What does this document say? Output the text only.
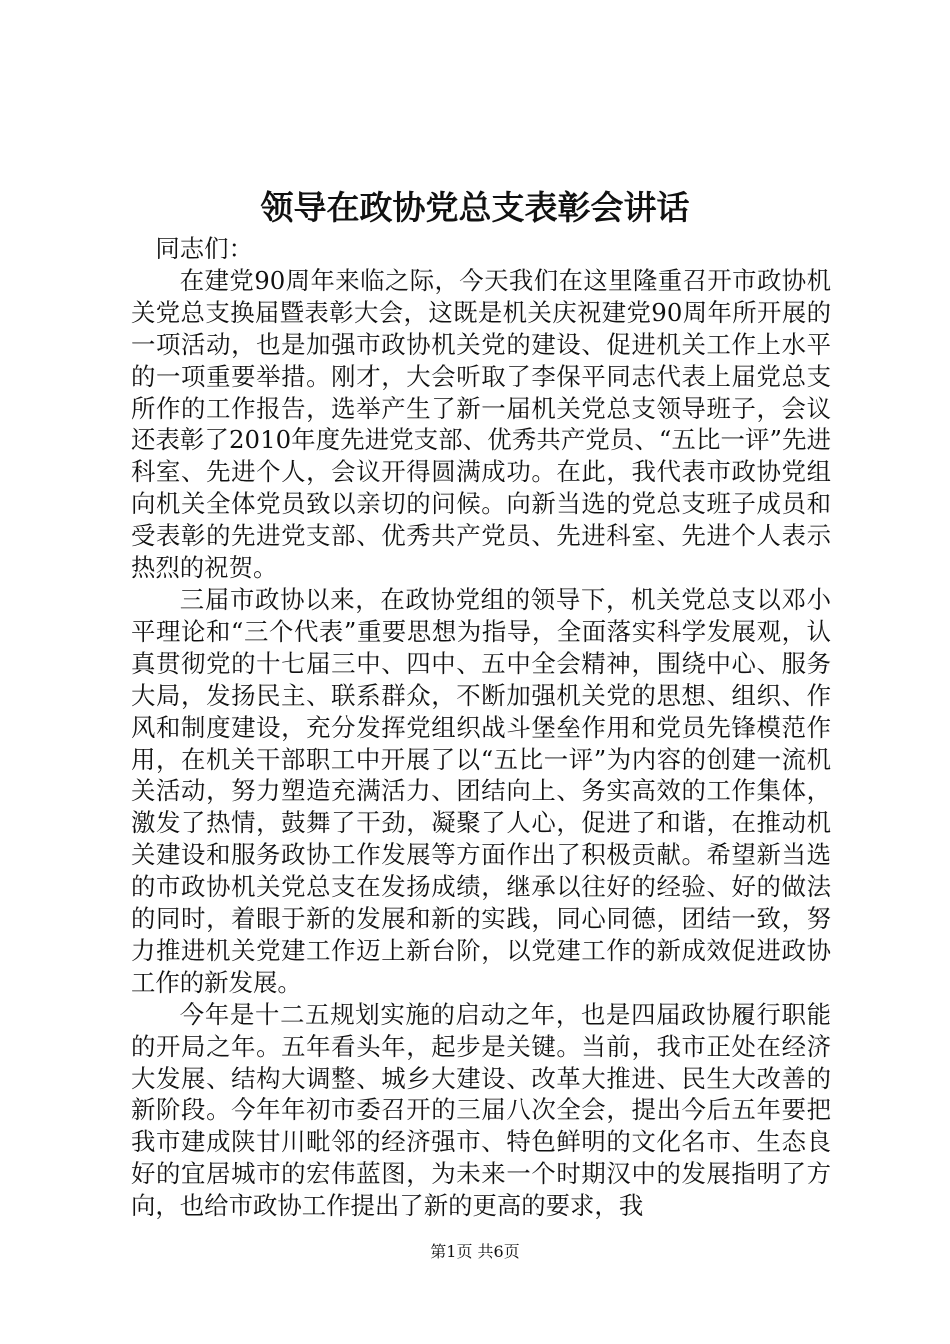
领导在政协党总支表彰会讲话

同志们：

在建党90周年来临之际，今天我们在这里隆重召开市政协机关党总支换届暨表彰大会，这既是机关庆祝建党90周年所开展的一项活动，也是加强市政协机关党的建设、促进机关工作上水平的一项重要举措。刚才，大会听取了李保平同志代表上届党总支所作的工作报告，选举产生了新一届机关党总支领导班子，会议还表彰了2010年度先进党支部、优秀共产党员、“五比一评”先进科室、先进个人，会议开得圆满成功。在此，我代表市政协党组向机关全体党员致以亲切的问候。向新当选的党总支班子成员和受表彰的先进党支部、优秀共产党员、先进科室、先进个人表示热烈的祝贺。

三届市政协以来，在政协党组的领导下，机关党总支以邓小平理论和“三个代表”重要思想为指导，全面落实科学发展观，认真贯彻党的十七届三中、四中、五中全会精神，围绕中心、服务大局，发扬民主、联系群众，不断加强机关党的思想、组织、作风和制度建设，充分发挥党组织战斗堡垒作用和党员先锋模范作用，在机关干部职工中开展了以“五比一评”为内容的创建一流机关活动，努力塑造充满活力、团结向上、务实高效的工作集体，激发了热情，鼓舞了干劲，凝聚了人心，促进了和谐，在推动机关建设和服务政协工作发展等方面作出了积极贡献。希望新当选的市政协机关党总支在发扬成绩，继承以往好的经验、好的做法的同时，着眼于新的发展和新的实践，同心同德，团结一致，努力推进机关党建工作迈上新台阶，以党建工作的新成效促进政协工作的新发展。

今年是十二五规划实施的启动之年，也是四届政协履行职能的开局之年。五年看头年，起步是关键。当前，我市正处在经济大发展、结构大调整、城乡大建设、改革大推进、民生大改善的新阶段。今年年初市委召开的三届八次全会，提出今后五年要把我市建成陕甘川毗邻的经济强市、特色鲜明的文化名市、生态良好的宜居城市的宏伟蓝图，为未来一个时期汉中的发展指明了方向，也给市政协工作提出了新的更高的要求，我

第1页 共6页
